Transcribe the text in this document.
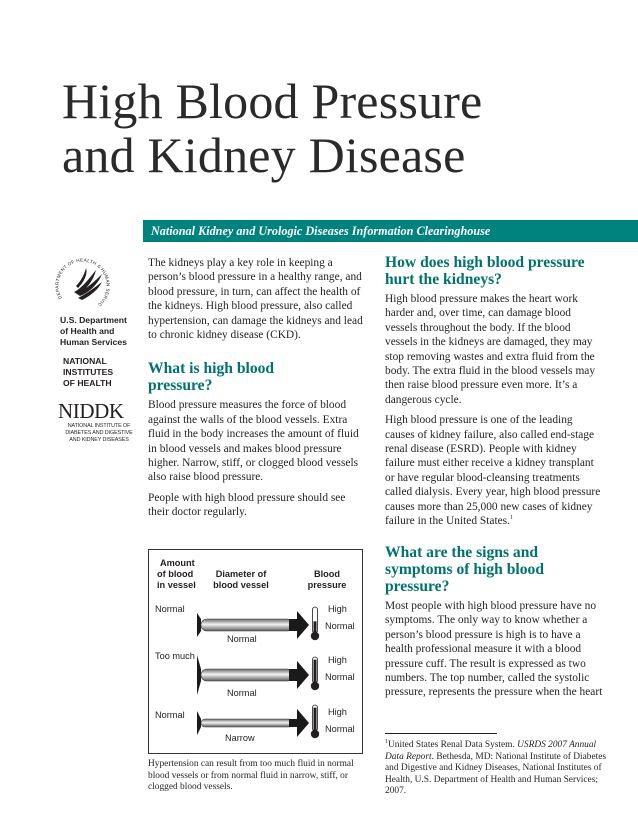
High Blood Pressure
and Kidney Disease
National Kidney and Urologic Diseases Information Clearinghouse
DEPARTMENT OF HEALTH & HUMAN SERVIC
U.S. Department
of Health and
Human Services
NATIONAL
INSTITUTES
OF HEALTH
NIDDK
NATIONAL INSTITUTE OF
DIABETES AND DIGESTIVE
AND KIDNEY DISEASES

The kidneys play a key role in keeping a person’s blood pressure in a healthy range, and blood pressure, in turn, can affect the health of the kidneys. High blood pressure, also called hypertension, can damage the kidneys and lead to chronic kidney disease (CKD).

What is high blood pressure?

Blood pressure measures the force of blood against the walls of the blood vessels. Extra fluid in the body increases the amount of fluid in blood vessels and makes blood pressure higher. Narrow, stiff, or clogged blood vessels also raise blood pressure.

People with high blood pressure should see their doctor regularly.

Amount
of blood
in vessel
Diameter of
blood vessel
Blood
pressure
Normal
Normal
High
Normal
Too much
Normal
High
Normal
Normal
Narrow
High
Normal
Hypertension can result from too much fluid in normal blood vessels or from normal fluid in narrow, stiff, or clogged blood vessels.
How does high blood pressure hurt the kidneys?

High blood pressure makes the heart work harder and, over time, can damage blood vessels throughout the body. If the blood vessels in the kidneys are damaged, they may stop removing wastes and extra fluid from the body. The extra fluid in the blood vessels may then raise blood pressure even more. It’s a dangerous cycle.

High blood pressure is one of the leading causes of kidney failure, also called end-stage renal disease (ESRD). People with kidney failure must either receive a kidney transplant or have regular blood-cleansing treatments called dialysis. Every year, high blood pressure causes more than 25,000 new cases of kidney failure in the United States.$^1$

What are the signs and symptoms of high blood pressure?

Most people with high blood pressure have no symptoms. The only way to know whether a person’s blood pressure is high is to have a health professional measure it with a blood pressure cuff. The result is expressed as two numbers. The top number, called the systolic pressure, represents the pressure when the heart

$^1$United States Renal Data System. USRDS 2007 Annual Data Report. Bethesda, MD: National Institute of Diabetes and Digestive and Kidney Diseases, National Institutes of Health, U.S. Department of Health and Human Services; 2007.
